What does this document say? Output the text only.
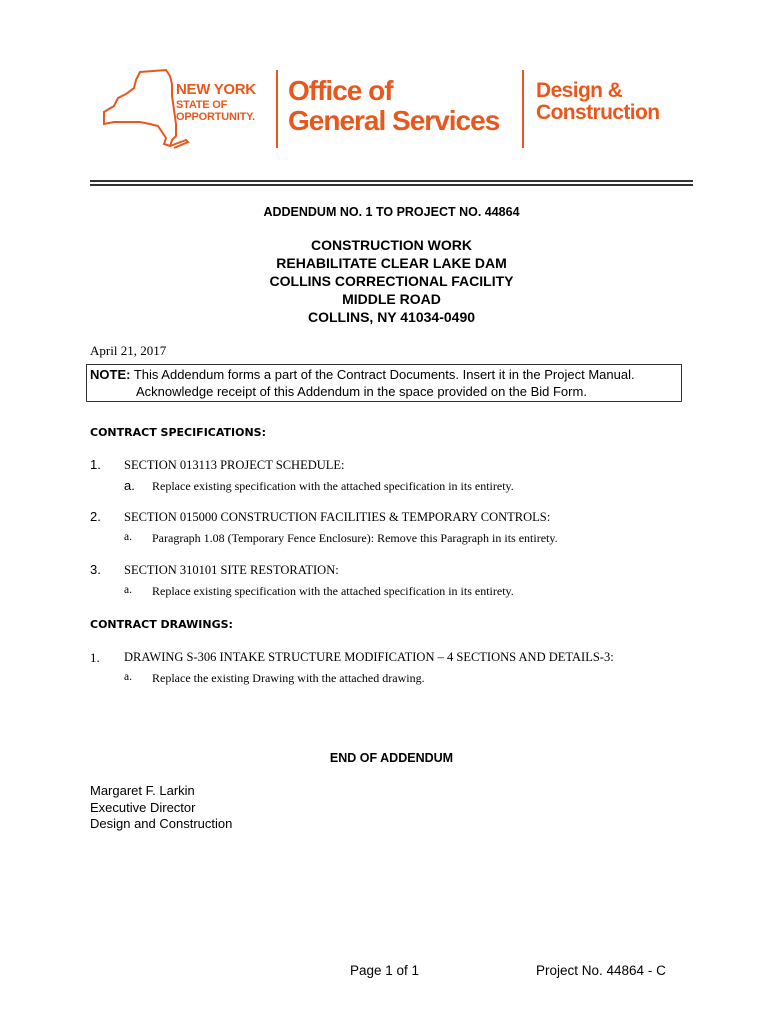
NEW YORK
STATE OF
OPPORTUNITY.
Office of
General Services
Design &
Construction
ADDENDUM NO. 1 TO PROJECT NO. 44864
CONSTRUCTION WORK
REHABILITATE CLEAR LAKE DAM
COLLINS CORRECTIONAL FACILITY
MIDDLE ROAD
COLLINS, NY 41034-0490
April 21, 2017
NOTE: This Addendum forms a part of the Contract Documents. Insert it in the Project Manual.
Acknowledge receipt of this Addendum in the space provided on the Bid Form.
CONTRACT SPECIFICATIONS:
1. SECTION 013113 PROJECT SCHEDULE:
a. Replace existing specification with the attached specification in its entirety.
2. SECTION 015000 CONSTRUCTION FACILITIES & TEMPORARY CONTROLS:
a. Paragraph 1.08 (Temporary Fence Enclosure): Remove this Paragraph in its entirety.
3. SECTION 310101 SITE RESTORATION:
a. Replace existing specification with the attached specification in its entirety.
CONTRACT DRAWINGS:
1. DRAWING S-306 INTAKE STRUCTURE MODIFICATION – 4 SECTIONS AND DETAILS-3:
a. Replace the existing Drawing with the attached drawing.
END OF ADDENDUM
Margaret F. Larkin
Executive Director
Design and Construction
Page 1 of 1	Project No. 44864 - C
